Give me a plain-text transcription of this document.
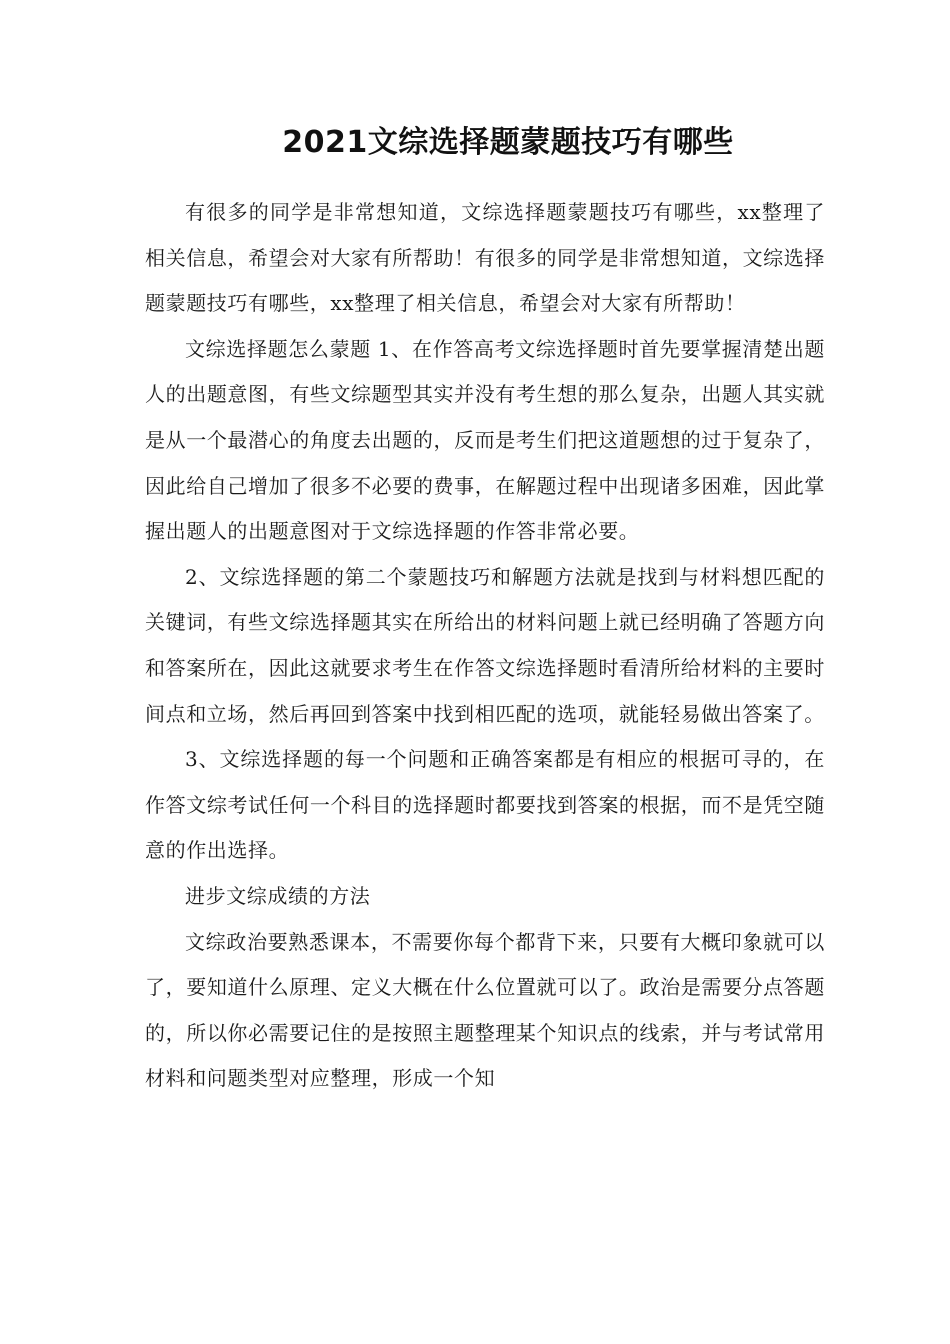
2021文综选择题蒙题技巧有哪些

有很多的同学是非常想知道，文综选择题蒙题技巧有哪些，xx整理了相关信息，希望会对大家有所帮助！有很多的同学是非常想知道，文综选择题蒙题技巧有哪些，xx整理了相关信息，希望会对大家有所帮助！

文综选择题怎么蒙题 1、在作答高考文综选择题时首先要掌握清楚出题人的出题意图，有些文综题型其实并没有考生想的那么复杂，出题人其实就是从一个最潜心的角度去出题的，反而是考生们把这道题想的过于复杂了，因此给自己增加了很多不必要的费事，在解题过程中出现诸多困难，因此掌握出题人的出题意图对于文综选择题的作答非常必要。

2、文综选择题的第二个蒙题技巧和解题方法就是找到与材料想匹配的关键词，有些文综选择题其实在所给出的材料问题上就已经明确了答题方向和答案所在，因此这就要求考生在作答文综选择题时看清所给材料的主要时间点和立场，然后再回到答案中找到相匹配的选项，就能轻易做出答案了。

3、文综选择题的每一个问题和正确答案都是有相应的根据可寻的，在作答文综考试任何一个科目的选择题时都要找到答案的根据，而不是凭空随意的作出选择。

进步文综成绩的方法

文综政治要熟悉课本，不需要你每个都背下来，只要有大概印象就可以了，要知道什么原理、定义大概在什么位置就可以了。政治是需要分点答题的，所以你必需要记住的是按照主题整理某个知识点的线索，并与考试常用材料和问题类型对应整理，形成一个知
